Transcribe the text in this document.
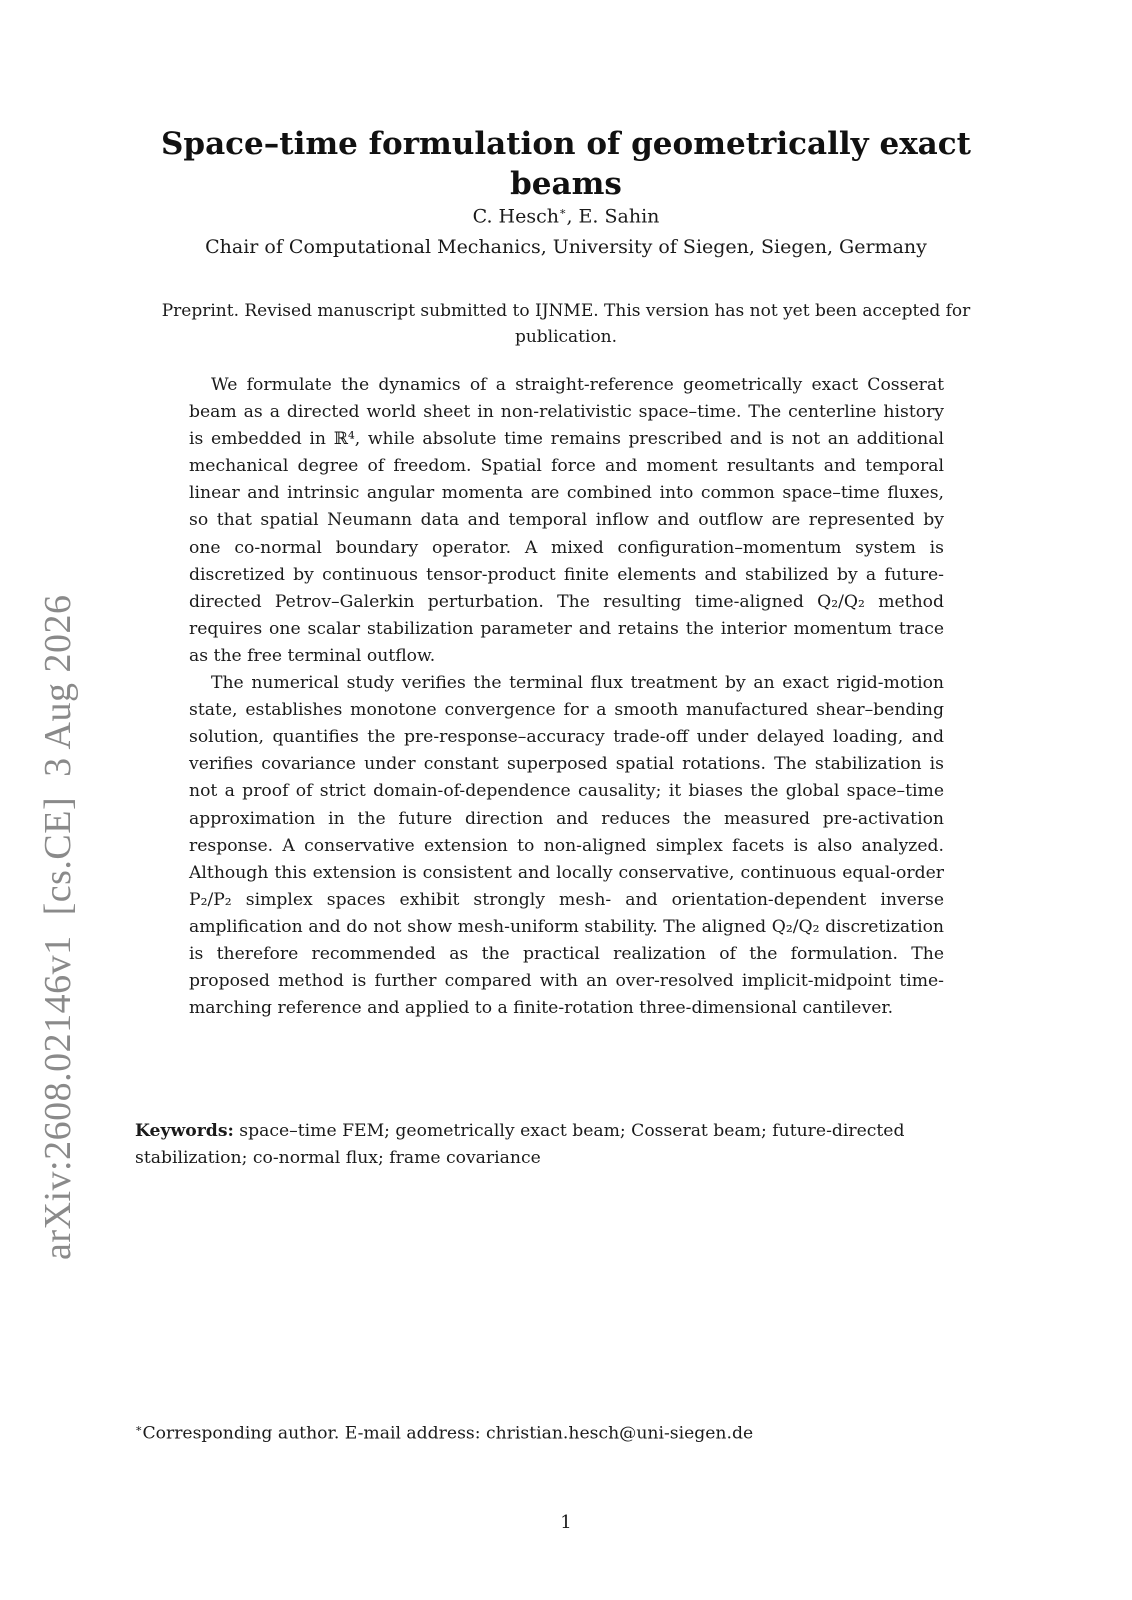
arXiv:2608.02146v1  [cs.CE]  3 Aug 2026
Space–time formulation of geometrically exact beams
C. Hesch∗, E. Sahin
Chair of Computational Mechanics, University of Siegen, Siegen, Germany
Preprint. Revised manuscript submitted to IJNME. This version has not yet been accepted for publication.

We formulate the dynamics of a straight-reference geometrically exact Cosserat beam as a directed world sheet in non-relativistic space–time. The centerline history is embedded in ℝ⁴, while absolute time remains prescribed and is not an additional mechanical degree of freedom. Spatial force and moment resultants and temporal linear and intrinsic angular momenta are combined into common space–time fluxes, so that spatial Neumann data and temporal inflow and outflow are represented by one co-normal boundary operator. A mixed configuration–momentum system is discretized by continuous tensor-product finite elements and stabilized by a future-directed Petrov–Galerkin perturbation. The resulting time-aligned Q₂/Q₂ method requires one scalar stabilization parameter and retains the interior momentum trace as the free terminal outflow.

The numerical study verifies the terminal flux treatment by an exact rigid-motion state, establishes monotone convergence for a smooth manufactured shear–bending solution, quantifies the pre-response–accuracy trade-off under delayed loading, and verifies covariance under constant superposed spatial rotations. The stabilization is not a proof of strict domain-of-dependence causality; it biases the global space–time approximation in the future direction and reduces the measured pre-activation response. A conservative extension to non-aligned simplex facets is also analyzed. Although this extension is consistent and locally conservative, continuous equal-order P₂/P₂ simplex spaces exhibit strongly mesh- and orientation-dependent inverse amplification and do not show mesh-uniform stability. The aligned Q₂/Q₂ discretization is therefore recommended as the practical realization of the formulation. The proposed method is further compared with an over-resolved implicit-midpoint time-marching reference and applied to a finite-rotation three-dimensional cantilever.

Keywords: space–time FEM; geometrically exact beam; Cosserat beam; future-directed stabilization; co-normal flux; frame covariance
∗Corresponding author. E-mail address: christian.hesch@uni-siegen.de
1
